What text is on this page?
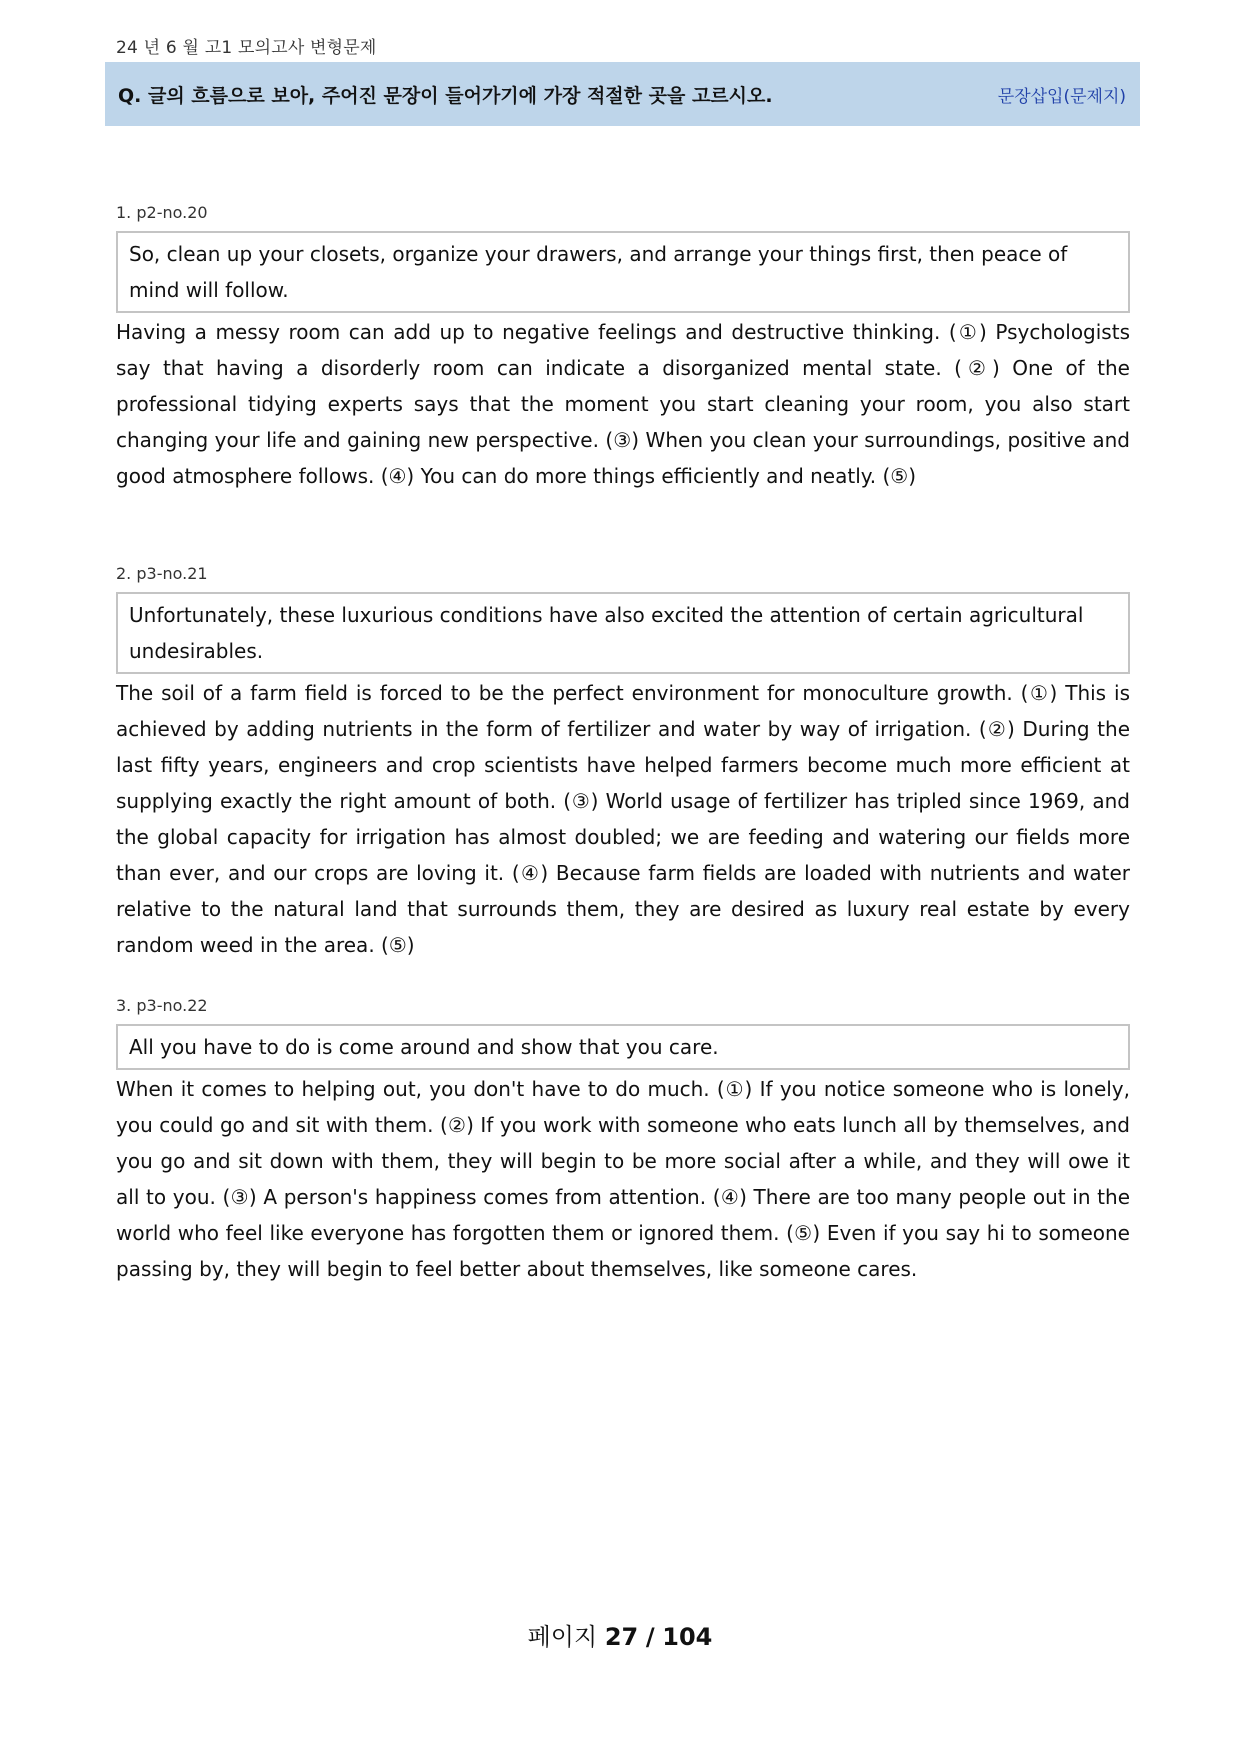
24 년 6 월 고1 모의고사 변형문제
Q. 글의 흐름으로 보아, 주어진 문장이 들어가기에 가장 적절한 곳을 고르시오.	문장삽입(문제지)
1. p2-no.20
So, clean up your closets, organize your drawers, and arrange your things first, then peace of mind will follow.
Having a messy room can add up to negative feelings and destructive thinking. (①) Psychologists say that having a disorderly room can indicate a disorganized mental state. (②) One of the professional tidying experts says that the moment you start cleaning your room, you also start changing your life and gaining new perspective. (③) When you clean your surroundings, positive and good atmosphere follows. (④) You can do more things efficiently and neatly. (⑤)
2. p3-no.21
Unfortunately, these luxurious conditions have also excited the attention of certain agricultural undesirables.
The soil of a farm field is forced to be the perfect environment for monoculture growth. (①) This is achieved by adding nutrients in the form of fertilizer and water by way of irrigation. (②) During the last fifty years, engineers and crop scientists have helped farmers become much more efficient at supplying exactly the right amount of both. (③) World usage of fertilizer has tripled since 1969, and the global capacity for irrigation has almost doubled; we are feeding and watering our fields more than ever, and our crops are loving it. (④) Because farm fields are loaded with nutrients and water relative to the natural land that surrounds them, they are desired as luxury real estate by every random weed in the area. (⑤)
3. p3-no.22
All you have to do is come around and show that you care.
When it comes to helping out, you don't have to do much. (①) If you notice someone who is lonely, you could go and sit with them. (②) If you work with someone who eats lunch all by themselves, and you go and sit down with them, they will begin to be more social after a while, and they will owe it all to you. (③) A person's happiness comes from attention. (④) There are too many people out in the world who feel like everyone has forgotten them or ignored them. (⑤) Even if you say hi to someone passing by, they will begin to feel better about themselves, like someone cares.
페이지 27 / 104
